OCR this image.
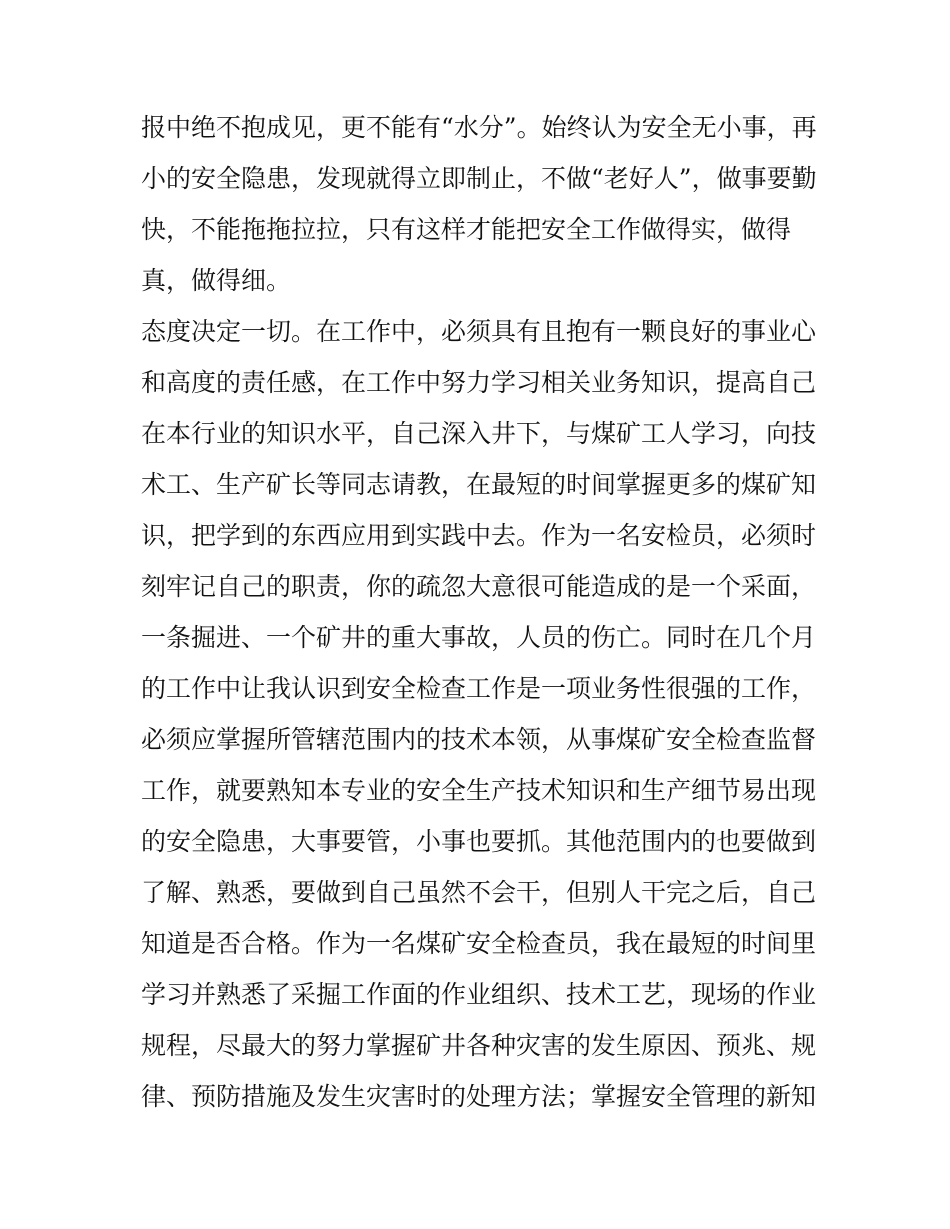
报中绝不抱成见，更不能有“水分”。始终认为安全无小事，再
小的安全隐患，发现就得立即制止，不做“老好人”，做事要勤
快，不能拖拖拉拉，只有这样才能把安全工作做得实，做得
真，做得细。
态度决定一切。在工作中，必须具有且抱有一颗良好的事业心
和高度的责任感，在工作中努力学习相关业务知识，提高自己
在本行业的知识水平，自己深入井下，与煤矿工人学习，向技
术工、生产矿长等同志请教，在最短的时间掌握更多的煤矿知
识，把学到的东西应用到实践中去。作为一名安检员，必须时
刻牢记自己的职责，你的疏忽大意很可能造成的是一个采面，
一条掘进、一个矿井的重大事故，人员的伤亡。同时在几个月
的工作中让我认识到安全检查工作是一项业务性很强的工作，
必须应掌握所管辖范围内的技术本领，从事煤矿安全检查监督
工作，就要熟知本专业的安全生产技术知识和生产细节易出现
的安全隐患，大事要管，小事也要抓。其他范围内的也要做到
了解、熟悉，要做到自己虽然不会干，但别人干完之后，自己
知道是否合格。作为一名煤矿安全检查员，我在最短的时间里
学习并熟悉了采掘工作面的作业组织、技术工艺，现场的作业
规程，尽最大的努力掌握矿井各种灾害的发生原因、预兆、规
律、预防措施及发生灾害时的处理方法；掌握安全管理的新知
